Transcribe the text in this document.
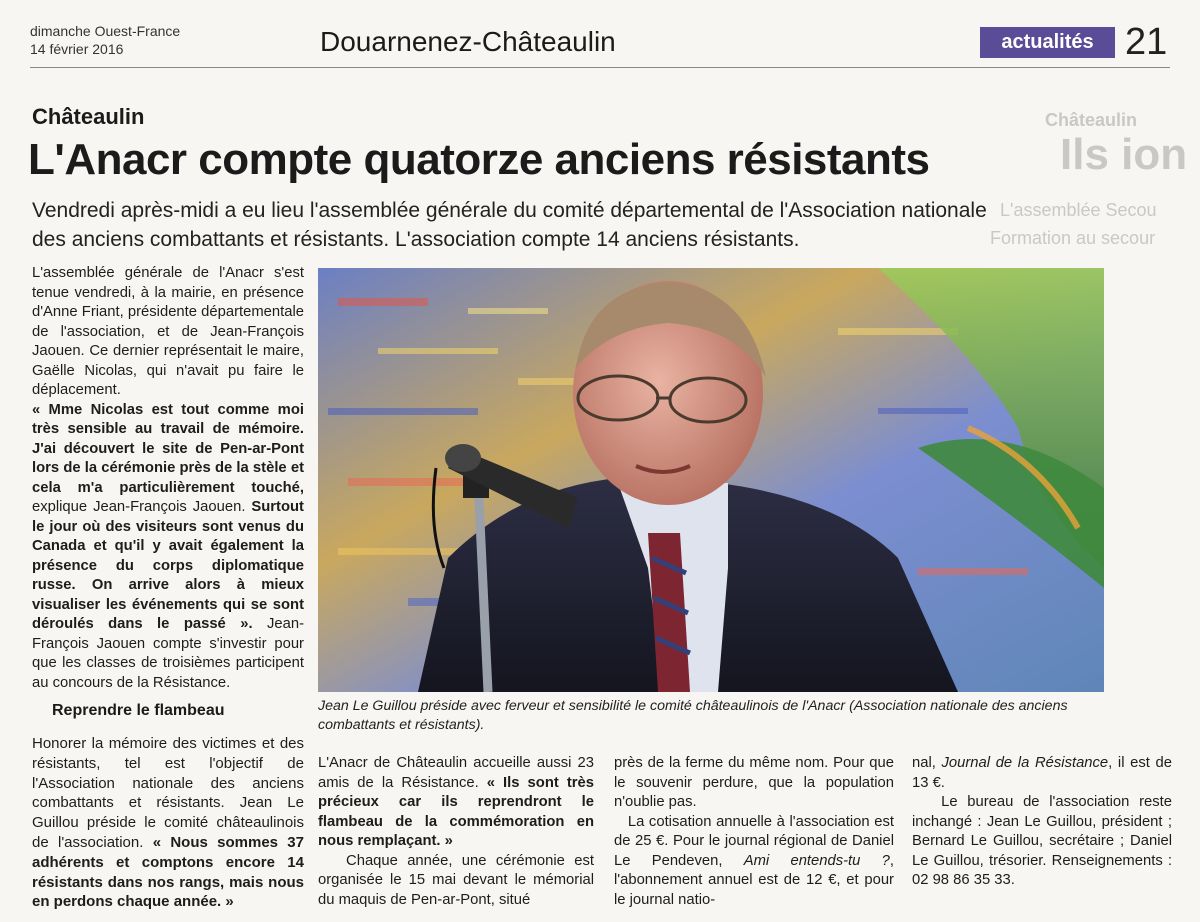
dimanche Ouest-France
14 février 2016	Douarnenez-Châteaulin	actualités 21
Châteaulin
Ils ion
L'assemblée Secou
Formation au secour
Châteaulin
L'Anacr compte quatorze anciens résistants

Vendredi après-midi a eu lieu l'assemblée générale du comité départemental de l'Association nationale des anciens combattants et résistants. L'association compte 14 anciens résistants.

L'assemblée générale de l'Anacr s'est tenue vendredi, à la mairie, en présence d'Anne Friant, présidente départementale de l'association, et de Jean-François Jaouen. Ce dernier représentait le maire, Gaëlle Nicolas, qui n'avait pu faire le déplacement.
« Mme Nicolas est tout comme moi très sensible au travail de mémoire. J'ai découvert le site de Pen-ar-Pont lors de la cérémonie près de la stèle et cela m'a particulièrement touché, explique Jean-François Jaouen. Surtout le jour où des visiteurs sont venus du Canada et qu'il y avait également la présence du corps diplomatique russe. On arrive alors à mieux visualiser les événements qui se sont déroulés dans le passé ». Jean-François Jaouen compte s'investir pour que les classes de troisièmes participent au concours de la Résistance.
Reprendre le flambeau
Honorer la mémoire des victimes et des résistants, tel est l'objectif de l'Association nationale des anciens combattants et résistants. Jean Le Guillou préside le comité châteaulinois de l'association. « Nous sommes 37 adhérents et comptons encore 14 résistants dans nos rangs, mais nous en perdons chaque année. »

Jean Le Guillou préside avec ferveur et sensibilité le comité châteaulinois de l'Anacr (Association nationale des anciens combattants et résistants).

L'Anacr de Châteaulin accueille aussi 23 amis de la Résistance. « Ils sont très précieux car ils reprendront le flambeau de la commémoration en nous remplaçant. »
Chaque année, une cérémonie est organisée le 15 mai devant le mémorial du maquis de Pen-ar-Pont, situé
près de la ferme du même nom. Pour que le souvenir perdure, que la population n'oublie pas.
La cotisation annuelle à l'association est de 25 €. Pour le journal régional de Daniel Le Pendeven, Ami entends-tu ?, l'abonnement annuel est de 12 €, et pour le journal natio-
nal, Journal de la Résistance, il est de 13 €.
Le bureau de l'association reste inchangé : Jean Le Guillou, président ; Bernard Le Guillou, secrétaire ; Daniel Le Guillou, trésorier. Renseignements : 02 98 86 35 33.
